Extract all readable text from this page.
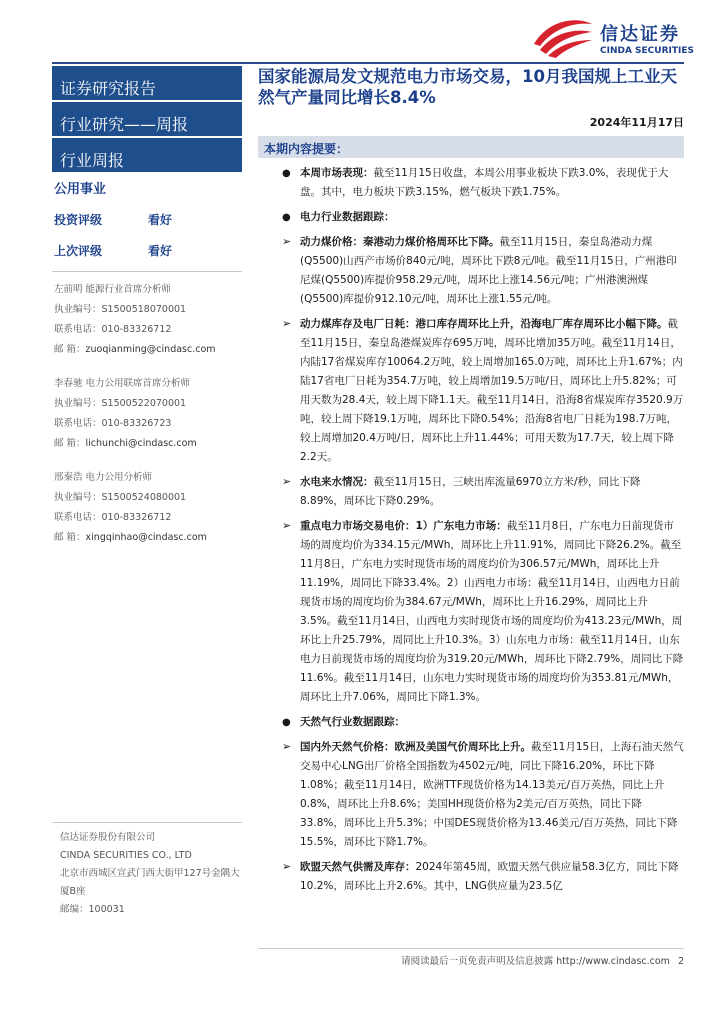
信达证券
CINDA SECURITIES
证券研究报告
行业研究——周报
行业周报
公用事业
投资评级	看好
上次评级	看好
左前明 能源行业首席分析师
执业编号：S1500518070001
联系电话：010-83326712
邮 箱：zuoqianming@cindasc.com
李春驰 电力公用联席首席分析师
执业编号：S1500522070001
联系电话：010-83326723
邮 箱：lichunchi@cindasc.com
邢秦浩 电力公用分析师
执业编号：S1500524080001
联系电话：010-83326712
邮 箱：xingqinhao@cindasc.com
信达证券股份有限公司
CINDA SECURITIES CO., LTD
北京市西城区宣武门西大街甲127号金隅大厦B座
邮编：100031
国家能源局发文规范电力市场交易，10月我国规上工业天然气产量同比增长8.4%
2024年11月17日
本期内容提要：
● 本周市场表现：截至11月15日收盘，本周公用事业板块下跌3.0%，表现优于大盘。其中，电力板块下跌3.15%，燃气板块下跌1.75%。
● 电力行业数据跟踪：
➢ 动力煤价格：秦港动力煤价格周环比下降。截至11月15日，秦皇岛港动力煤(Q5500)山西产市场价840元/吨，周环比下跌8元/吨。截至11月15日，广州港印尼煤(Q5500)库提价958.29元/吨，周环比上涨14.56元/吨；广州港澳洲煤(Q5500)库提价912.10元/吨，周环比上涨1.55元/吨。
➢ 动力煤库存及电厂日耗：港口库存周环比上升，沿海电厂库存周环比小幅下降。截至11月15日，秦皇岛港煤炭库存695万吨，周环比增加35万吨。截至11月14日，内陆17省煤炭库存10064.2万吨，较上周增加165.0万吨，周环比上升1.67%；内陆17省电厂日耗为354.7万吨，较上周增加19.5万吨/日，周环比上升5.82%；可用天数为28.4天，较上周下降1.1天。截至11月14日，沿海8省煤炭库存3520.9万吨，较上周下降19.1万吨，周环比下降0.54%；沿海8省电厂日耗为198.7万吨，较上周增加20.4万吨/日，周环比上升11.44%；可用天数为17.7天，较上周下降2.2天。
➢ 水电来水情况：截至11月15日，三峡出库流量6970立方米/秒，同比下降8.89%，周环比下降0.29%。
➢ 重点电力市场交易电价：1）广东电力市场：截至11月8日，广东电力日前现货市场的周度均价为334.15元/MWh，周环比上升11.91%，周同比下降26.2%。截至11月8日，广东电力实时现货市场的周度均价为306.57元/MWh，周环比上升11.19%，周同比下降33.4%。2）山西电力市场：截至11月14日，山西电力日前现货市场的周度均价为384.67元/MWh，周环比上升16.29%，周同比上升3.5%。截至11月14日，山西电力实时现货市场的周度均价为413.23元/MWh，周环比上升25.79%，周同比上升10.3%。3）山东电力市场：截至11月14日，山东电力日前现货市场的周度均价为319.20元/MWh，周环比下降2.79%，周同比下降11.6%。截至11月14日，山东电力实时现货市场的周度均价为353.81元/MWh，周环比上升7.06%，周同比下降1.3%。
● 天然气行业数据跟踪：
➢ 国内外天然气价格：欧洲及美国气价周环比上升。截至11月15日，上海石油天然气交易中心LNG出厂价格全国指数为4502元/吨，同比下降16.20%，环比下降1.08%；截至11月14日，欧洲TTF现货价格为14.13美元/百万英热，同比上升0.8%，周环比上升8.6%；美国HH现货价格为2美元/百万英热，同比下降33.8%，周环比上升5.3%；中国DES现货价格为13.46美元/百万英热，同比下降15.5%，周环比下降1.7%。
➢ 欧盟天然气供需及库存：2024年第45周，欧盟天然气供应量58.3亿方，同比下降10.2%，周环比上升2.6%。其中，LNG供应量为23.5亿
请阅读最后一页免责声明及信息披露 http://www.cindasc.com 2
